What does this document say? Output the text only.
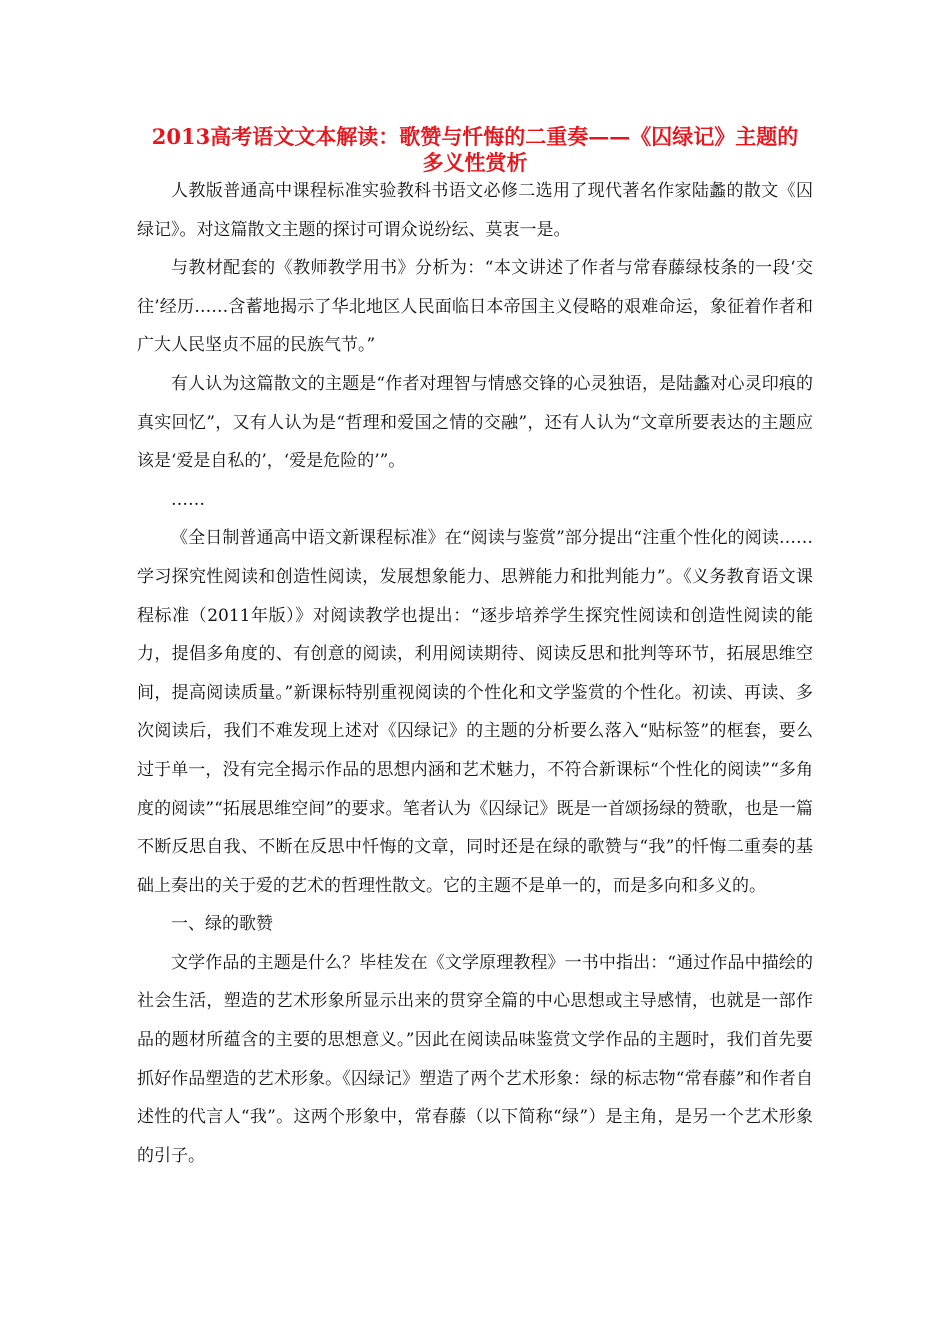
2013高考语文文本解读：歌赞与忏悔的二重奏——《囚绿记》主题的
多义性赏析

人教版普通高中课程标准实验教科书语文必修二选用了现代著名作家陆蠡的散文《囚绿记》。对这篇散文主题的探讨可谓众说纷纭、莫衷一是。

与教材配套的《教师教学用书》分析为：“本文讲述了作者与常春藤绿枝条的一段‘交往’经历……含蓄地揭示了华北地区人民面临日本帝国主义侵略的艰难命运，象征着作者和广大人民坚贞不屈的民族气节。”

有人认为这篇散文的主题是“作者对理智与情感交锋的心灵独语，是陆蠡对心灵印痕的真实回忆”，又有人认为是“哲理和爱国之情的交融”，还有人认为“文章所要表达的主题应该是‘爱是自私的’，‘爱是危险的’”。

……

《全日制普通高中语文新课程标准》在“阅读与鉴赏”部分提出“注重个性化的阅读……学习探究性阅读和创造性阅读，发展想象能力、思辨能力和批判能力”。《义务教育语文课程标准（2011年版）》对阅读教学也提出：“逐步培养学生探究性阅读和创造性阅读的能力，提倡多角度的、有创意的阅读，利用阅读期待、阅读反思和批判等环节，拓展思维空间，提高阅读质量。”新课标特别重视阅读的个性化和文学鉴赏的个性化。初读、再读、多次阅读后，我们不难发现上述对《囚绿记》的主题的分析要么落入“贴标签”的框套，要么过于单一，没有完全揭示作品的思想内涵和艺术魅力，不符合新课标“个性化的阅读”“多角度的阅读”“拓展思维空间”的要求。笔者认为《囚绿记》既是一首颂扬绿的赞歌，也是一篇不断反思自我、不断在反思中忏悔的文章，同时还是在绿的歌赞与“我”的忏悔二重奏的基础上奏出的关于爱的艺术的哲理性散文。它的主题不是单一的，而是多向和多义的。

一、绿的歌赞

文学作品的主题是什么？毕桂发在《文学原理教程》一书中指出：“通过作品中描绘的社会生活，塑造的艺术形象所显示出来的贯穿全篇的中心思想或主导感情，也就是一部作品的题材所蕴含的主要的思想意义。”因此在阅读品味鉴赏文学作品的主题时，我们首先要抓好作品塑造的艺术形象。《囚绿记》塑造了两个艺术形象：绿的标志物“常春藤”和作者自述性的代言人“我”。这两个形象中，常春藤（以下简称“绿”）是主角，是另一个艺术形象的引子。
